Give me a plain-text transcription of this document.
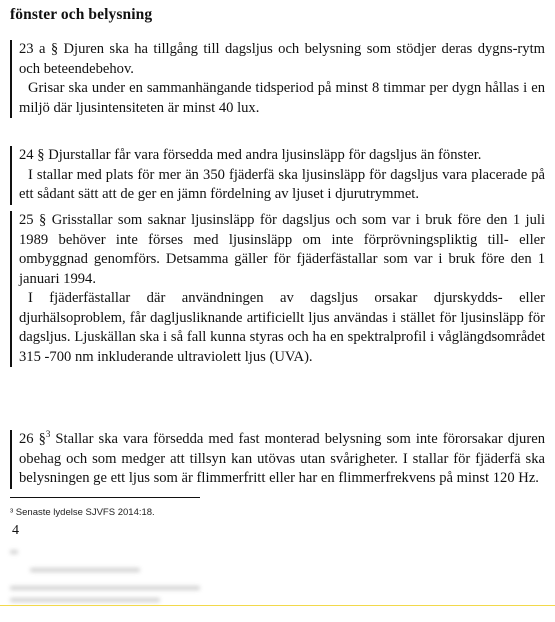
fönster och belysning

23 a § Djuren ska ha tillgång till dagsljus och belysning som stödjer deras dygns-rytm och beteendebehov.

Grisar ska under en sammanhängande tidsperiod på minst 8 timmar per dygn hållas i en miljö där ljusintensiteten är minst 40 lux.

24 § Djurstallar får vara försedda med andra ljusinsläpp för dagsljus än fönster.

I stallar med plats för mer än 350 fjäderfä ska ljusinsläpp för dagsljus vara placerade på ett sådant sätt att de ger en jämn fördelning av ljuset i djurutrymmet.

25 § Grisstallar som saknar ljusinsläpp för dagsljus och som var i bruk före den 1 juli 1989 behöver inte förses med ljusinsläpp om inte förprövningspliktig till- eller ombyggnad genomförs. Detsamma gäller för fjäderfästallar som var i bruk före den 1 januari 1994.

I fjäderfästallar där användningen av dagsljus orsakar djurskydds- eller djurhälsoproblem, får dagljusliknande artificiellt ljus användas i stället för ljusinsläpp för dagsljus. Ljuskällan ska i så fall kunna styras och ha en spektralprofil i våglängdsområdet 315 -700 nm inkluderande ultraviolett ljus (UVA).

26 §$^3$ Stallar ska vara försedda med fast monterad belysning som inte förorsakar djuren obehag och som medger att tillsyn kan utövas utan svårigheter. I stallar för fjäderfä ska belysningen ge ett ljus som är flimmerfritt eller har en flimmerfrekvens på minst 120 Hz.

³ Senaste lydelse SJVFS 2014:18.
4
